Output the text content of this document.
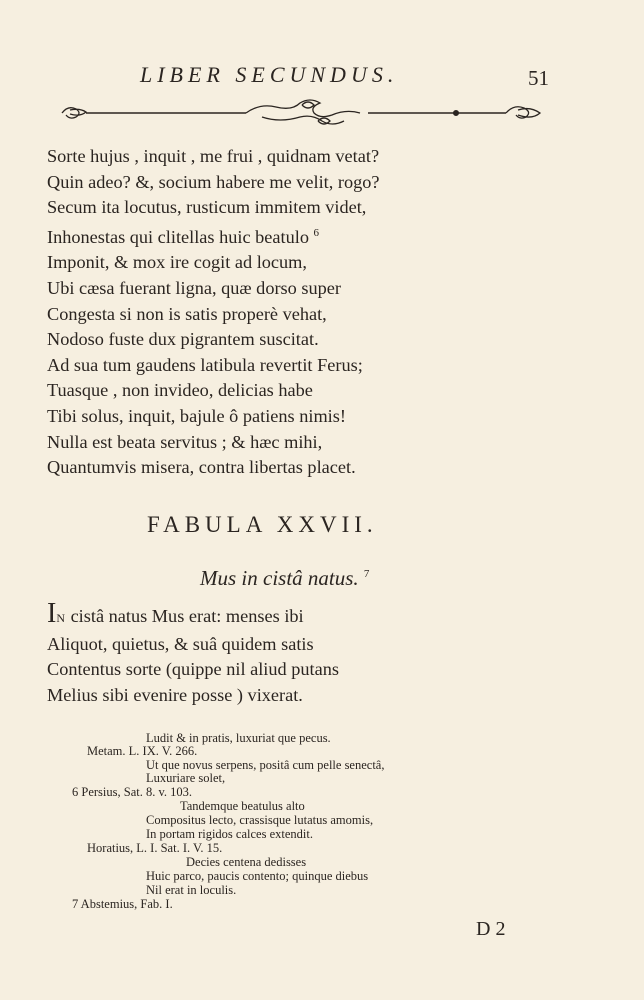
LIBER SECUNDUS.	51
Sorte hujus , inquit , me frui , quidnam vetat?
Quin adeo? &, socium habere me velit, rogo?
Secum ita locutus, rusticum immitem videt,
Inhonestas qui clitellas huic beatulo $^6$
Imponit, & mox ire cogit ad locum,
Ubi cæsa fuerant ligna, quæ dorso super
Congesta si non is satis properè vehat,
Nodoso fuste dux pigrantem suscitat.
Ad sua tum gaudens latibula revertit Ferus;
Tuasque , non invideo, delicias habe
Tibi solus, inquit, bajule ô patiens nimis!
Nulla est beata servitus ; & hæc mihi,
Quantumvis misera, contra libertas placet.
FABULA XXVII.
Mus in cistâ natus. $^7$
IN cistâ natus Mus erat: menses ibi
Aliquot, quietus, & suâ quidem satis
Contentus sorte (quippe nil aliud putans
Melius sibi evenire posse ) vixerat.
Ludit & in pratis, luxuriat que pecus.
Metam. L. IX. V. 266.
Ut que novus serpens, positâ cum pelle senectâ,
Luxuriare solet,
6 Persius, Sat. 8. v. 103.
Tandemque beatulus alto
Compositus lecto, crassisque lutatus amomis,
In portam rigidos calces extendit.
Horatius, L. I. Sat. I. V. 15.
Decies centena dedisses
Huic parco, paucis contento; quinque diebus
Nil erat in loculis.
7 Abstemius, Fab. I.
D 2
